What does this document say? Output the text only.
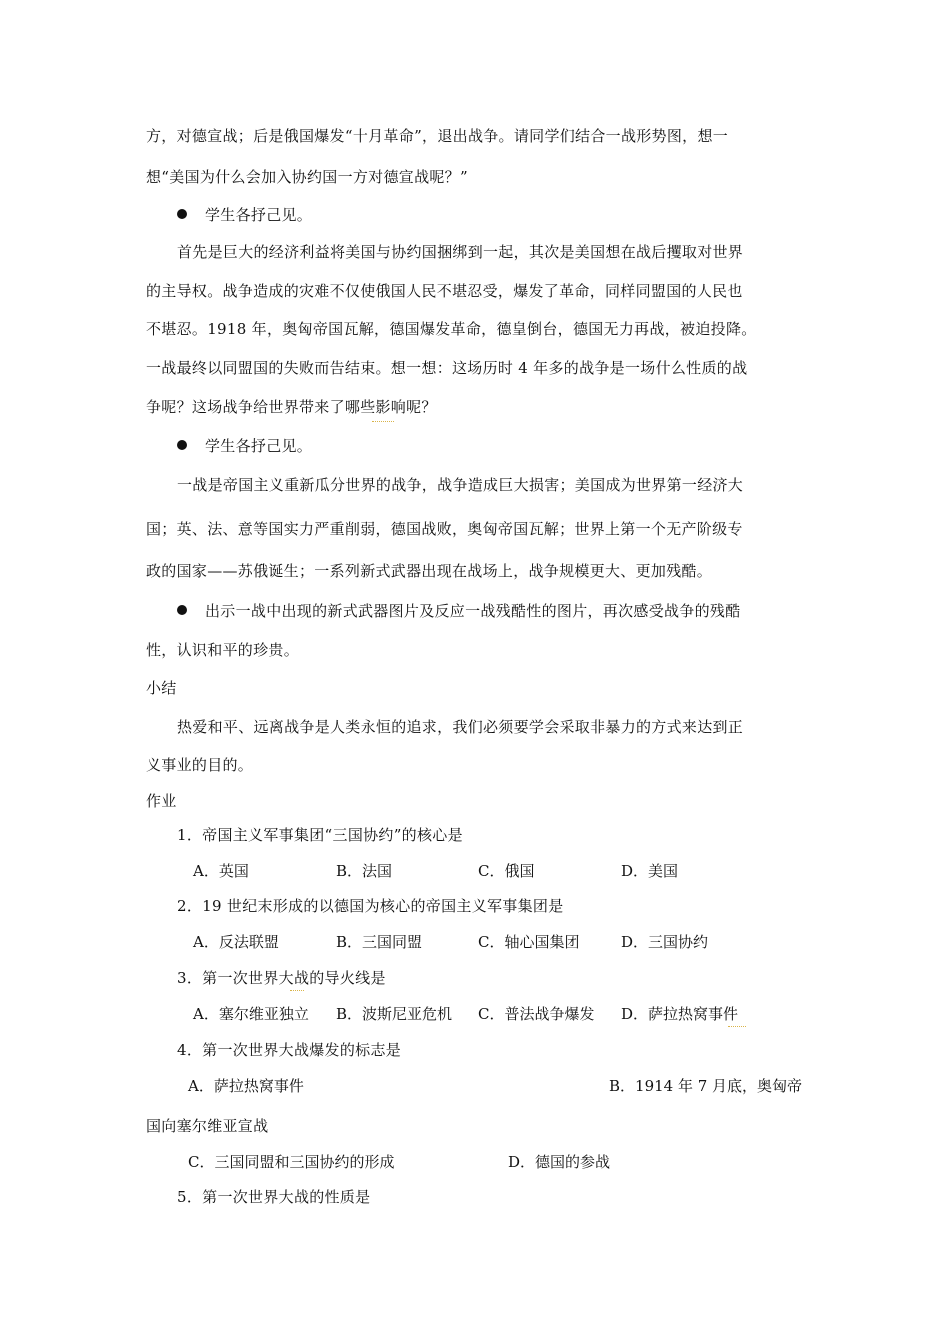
方，对德宣战；后是俄国爆发“十月革命”，退出战争。请同学们结合一战形势图，想一
想“美国为什么会加入协约国一方对德宣战呢？”
学生各抒己见。
首先是巨大的经济利益将美国与协约国捆绑到一起，其次是美国想在战后攫取对世界
的主导权。战争造成的灾难不仅使俄国人民不堪忍受，爆发了革命，同样同盟国的人民也
不堪忍。1918 年，奥匈帝国瓦解，德国爆发革命，德皇倒台，德国无力再战，被迫投降。
一战最终以同盟国的失败而告结束。想一想：这场历时 4 年多的战争是一场什么性质的战
争呢？这场战争给世界带来了哪些影响呢？
学生各抒己见。
一战是帝国主义重新瓜分世界的战争，战争造成巨大损害；美国成为世界第一经济大
国；英、法、意等国实力严重削弱，德国战败，奥匈帝国瓦解；世界上第一个无产阶级专
政的国家——苏俄诞生；一系列新式武器出现在战场上，战争规模更大、更加残酷。
出示一战中出现的新式武器图片及反应一战残酷性的图片，再次感受战争的残酷
性，认识和平的珍贵。
小结
热爱和平、远离战争是人类永恒的追求，我们必须要学会采取非暴力的方式来达到正
义事业的目的。
作业
1．帝国主义军事集团“三国协约”的核心是
A．英国	B．法国	C．俄国	D．美国
2．19 世纪末形成的以德国为核心的帝国主义军事集团是
A．反法联盟	B．三国同盟	C．轴心国集团	D．三国协约
3．第一次世界大战的导火线是
A．塞尔维亚独立 B．波斯尼亚危机 C．普法战争爆发 D．萨拉热窝事件
4．第一次世界大战爆发的标志是
A．萨拉热窝事件	B．1914 年 7 月底，奥匈帝
国向塞尔维亚宣战
C．三国同盟和三国协约的形成	D．德国的参战
5．第一次世界大战的性质是
